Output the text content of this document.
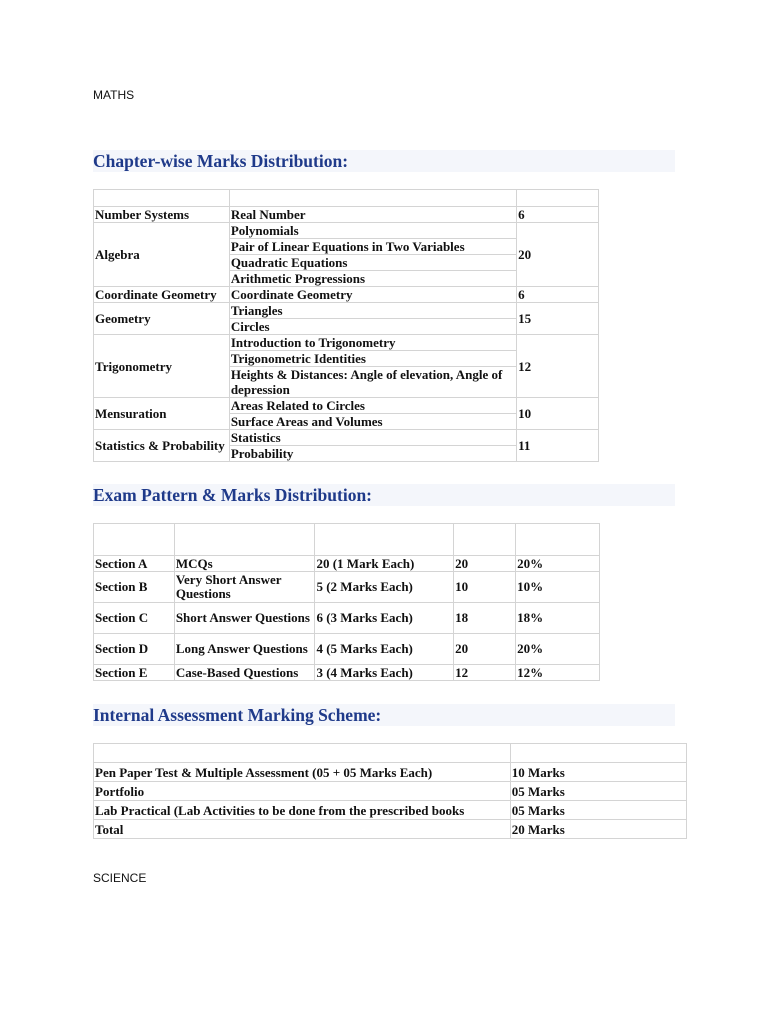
MATHS
Chapter-wise Marks Distribution:
Unit	Chapters	Marks
Number Systems	Real Number	6
Algebra	Polynomials	20
	Pair of Linear Equations in Two Variables	
	Quadratic Equations	
	Arithmetic Progressions	
Coordinate Geometry	Coordinate Geometry	6
Geometry	Triangles	15
	Circles	
Trigonometry	Introduction to Trigonometry	12
	Trigonometric Identities	
	Heights & Distances: Angle of elevation, Angle of depression	
Mensuration	Areas Related to Circles	10
	Surface Areas and Volumes	
Statistics & Probability	Statistics	11
	Probability	
Exam Pattern & Marks Distribution:
Section	Type of Questions	Number of Questions	Marks Allotted	Weightage
Section A	MCQs	20 (1 Mark Each)	20	20%
Section B	Very Short Answer Questions	5 (2 Marks Each)	10	10%
Section C	Short Answer Questions	6 (3 Marks Each)	18	18%
Section D	Long Answer Questions	4 (5 Marks Each)	20	20%
Section E	Case-Based Questions	3 (4 Marks Each)	12	12%
Internal Assessment Marking Scheme:
Assessment Type	Marks
Pen Paper Test & Multiple Assessment (05 + 05 Marks Each)	10 Marks
Portfolio	05 Marks
Lab Practical (Lab Activities to be done from the prescribed books	05 Marks
Total	20 Marks
SCIENCE
